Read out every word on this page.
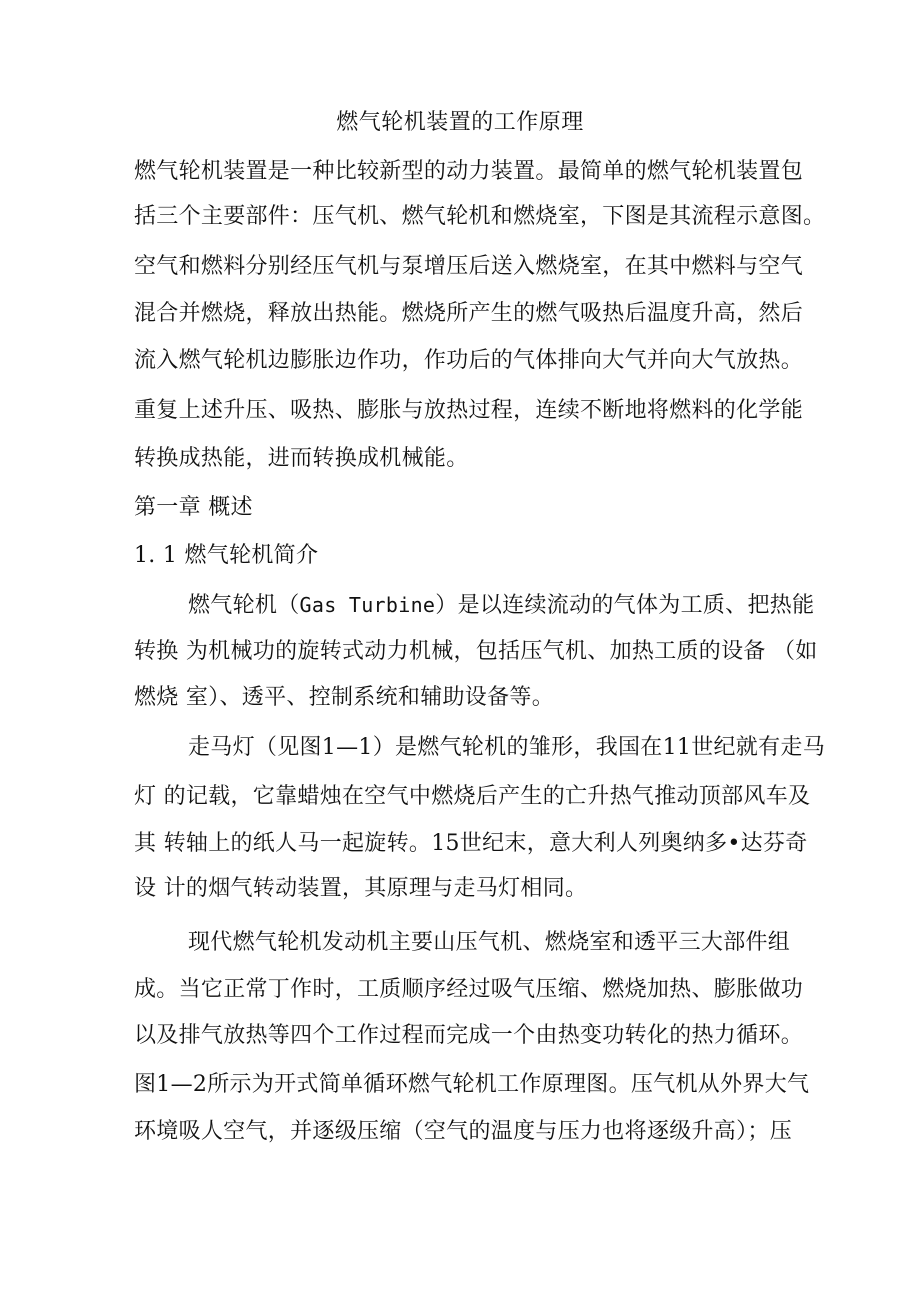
燃气轮机装置的工作原理
燃气轮机装置是一种比较新型的动力装置。最简单的燃气轮机装置包
括三个主要部件：压气机、燃气轮机和燃烧室，下图是其流程示意图。
空气和燃料分别经压气机与泵增压后送入燃烧室，在其中燃料与空气
混合并燃烧，释放出热能。燃烧所产生的燃气吸热后温度升高，然后
流入燃气轮机边膨胀边作功，作功后的气体排向大气并向大气放热。
重复上述升压、吸热、膨胀与放热过程，连续不断地将燃料的化学能
转换成热能，进而转换成机械能。
第一章 概述
1. 1 燃气轮机简介
燃气轮机（Gas Turbine）是以连续流动的气体为工质、把热能
转换 为机械功的旋转式动力机械，包括压气机、加热工质的设备 （如
燃烧 室）、透平、控制系统和辅助设备等。
走马灯（见图1—1）是燃气轮机的雏形，我国在11世纪就有走马
灯 的记载，它靠蜡烛在空气中燃烧后产生的亡升热气推动顶部风车及
其 转轴上的纸人马一起旋转。15世纪末，意大利人列奥纳多•达芬奇
设 计的烟气转动装置，其原理与走马灯相同。
现代燃气轮机发动机主要山压气机、燃烧室和透平三大部件组
成。当它正常丁作时，工质顺序经过吸气压缩、燃烧加热、膨胀做功
以及排气放热等四个工作过程而完成一个由热变功转化的热力循环。
图1—2所示为开式简单循环燃气轮机工作原理图。压气机从外界大气
环境吸人空气，并逐级压缩（空气的温度与压力也将逐级升高）；压
